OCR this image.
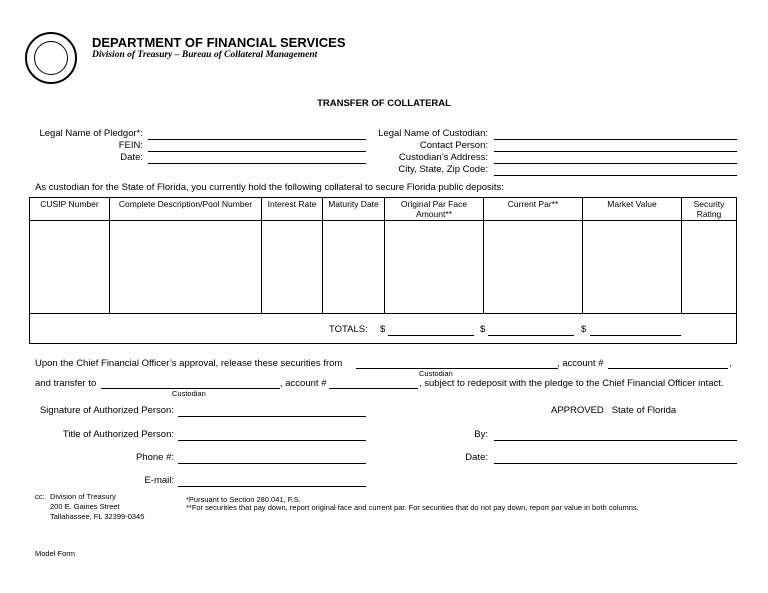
DEPARTMENT OF FINANCIAL SERVICES
Division of Treasury – Bureau of Collateral Management
TRANSFER OF COLLATERAL
Legal Name of Pledgor*:
FEIN:
Date:
Legal Name of Custodian:
Contact Person:
Custodian’s Address:
City, State, Zip Code:
As custodian for the State of Florida, you currently hold the following collateral to secure Florida public deposits:
CUSIP Number	Complete Description/Pool Number	Interest Rate	Maturity Date	Original Par Face Amount**	Current Par**	Market Value	Security Rating

TOTALS: $	$	$
Upon the Chief Financial Officer’s approval, release these securities from	, account #	,
Custodian
and transfer to	, account #	, subject to redeposit with the pledge to the Chief Financial Officer intact.
Custodian
Signature of Authorized Person:
Title of Authorized Person:
Phone #:
E-mail:
APPROVED   State of Florida
By:
Date:
cc: Division of Treasury
200 E. Gaines Street
Tallahassee, FL 32399-0345
*Pursuant to Section 280.041, F.S.
**For securities that pay down, report original face and current par. For securities that do not pay down, report par value in both columns.
Model Form
